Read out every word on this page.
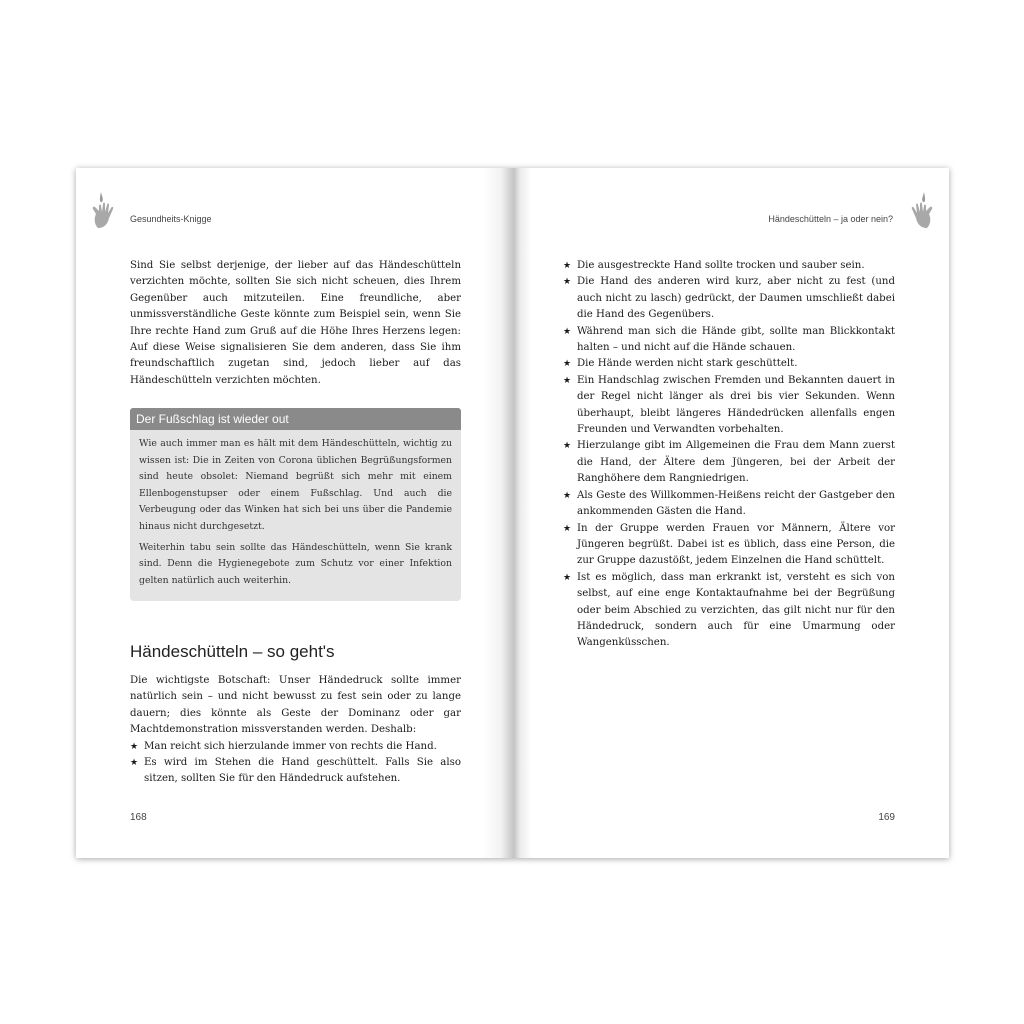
Gesundheits-Knigge

Sind Sie selbst derjenige, der lieber auf das Händeschütteln verzichten möchte, sollten Sie sich nicht scheuen, dies Ihrem Gegenüber auch mitzuteilen. Eine freundliche, aber unmissverständliche Geste könnte zum Beispiel sein, wenn Sie Ihre rechte Hand zum Gruß auf die Höhe Ihres Herzens legen: Auf diese Weise signalisieren Sie dem anderen, dass Sie ihm freundschaftlich zugetan sind, jedoch lieber auf das Händeschütteln verzichten möchten.

Der Fußschlag ist wieder out

Wie auch immer man es hält mit dem Händeschütteln, wichtig zu wissen ist: Die in Zeiten von Corona üblichen Begrüßungsformen sind heute obsolet: Niemand begrüßt sich mehr mit einem Ellenbogenstupser oder einem Fußschlag. Und auch die Verbeugung oder das Winken hat sich bei uns über die Pandemie hinaus nicht durchgesetzt.

Weiterhin tabu sein sollte das Händeschütteln, wenn Sie krank sind. Denn die Hygienegebote zum Schutz vor einer Infektion gelten natürlich auch weiterhin.

Händeschütteln – so geht's

Die wichtigste Botschaft: Unser Händedruck sollte immer natürlich sein – und nicht bewusst zu fest sein oder zu lange dauern; dies könnte als Geste der Dominanz oder gar Machtdemonstration missverstanden werden. Deshalb:

★ Man reicht sich hierzulande immer von rechts die Hand.
★ Es wird im Stehen die Hand geschüttelt. Falls Sie also sitzen, sollten Sie für den Händedruck aufstehen.
168
Händeschütteln – ja oder nein?
★ Die ausgestreckte Hand sollte trocken und sauber sein.
★ Die Hand des anderen wird kurz, aber nicht zu fest (und auch nicht zu lasch) gedrückt, der Daumen umschließt dabei die Hand des Gegenübers.
★ Während man sich die Hände gibt, sollte man Blickkontakt halten – und nicht auf die Hände schauen.
★ Die Hände werden nicht stark geschüttelt.
★ Ein Handschlag zwischen Fremden und Bekannten dauert in der Regel nicht länger als drei bis vier Sekunden. Wenn überhaupt, bleibt längeres Händedrücken allenfalls engen Freunden und Verwandten vorbehalten.
★ Hierzulange gibt im Allgemeinen die Frau dem Mann zuerst die Hand, der Ältere dem Jüngeren, bei der Arbeit der Ranghöhere dem Rangniedrigen.
★ Als Geste des Willkommen-Heißens reicht der Gastgeber den ankommenden Gästen die Hand.
★ In der Gruppe werden Frauen vor Männern, Ältere vor Jüngeren begrüßt. Dabei ist es üblich, dass eine Person, die zur Gruppe dazustößt, jedem Einzelnen die Hand schüttelt.
★ Ist es möglich, dass man erkrankt ist, versteht es sich von selbst, auf eine enge Kontaktaufnahme bei der Begrüßung oder beim Abschied zu verzichten, das gilt nicht nur für den Händedruck, sondern auch für eine Umarmung oder Wangenküsschen.
169
